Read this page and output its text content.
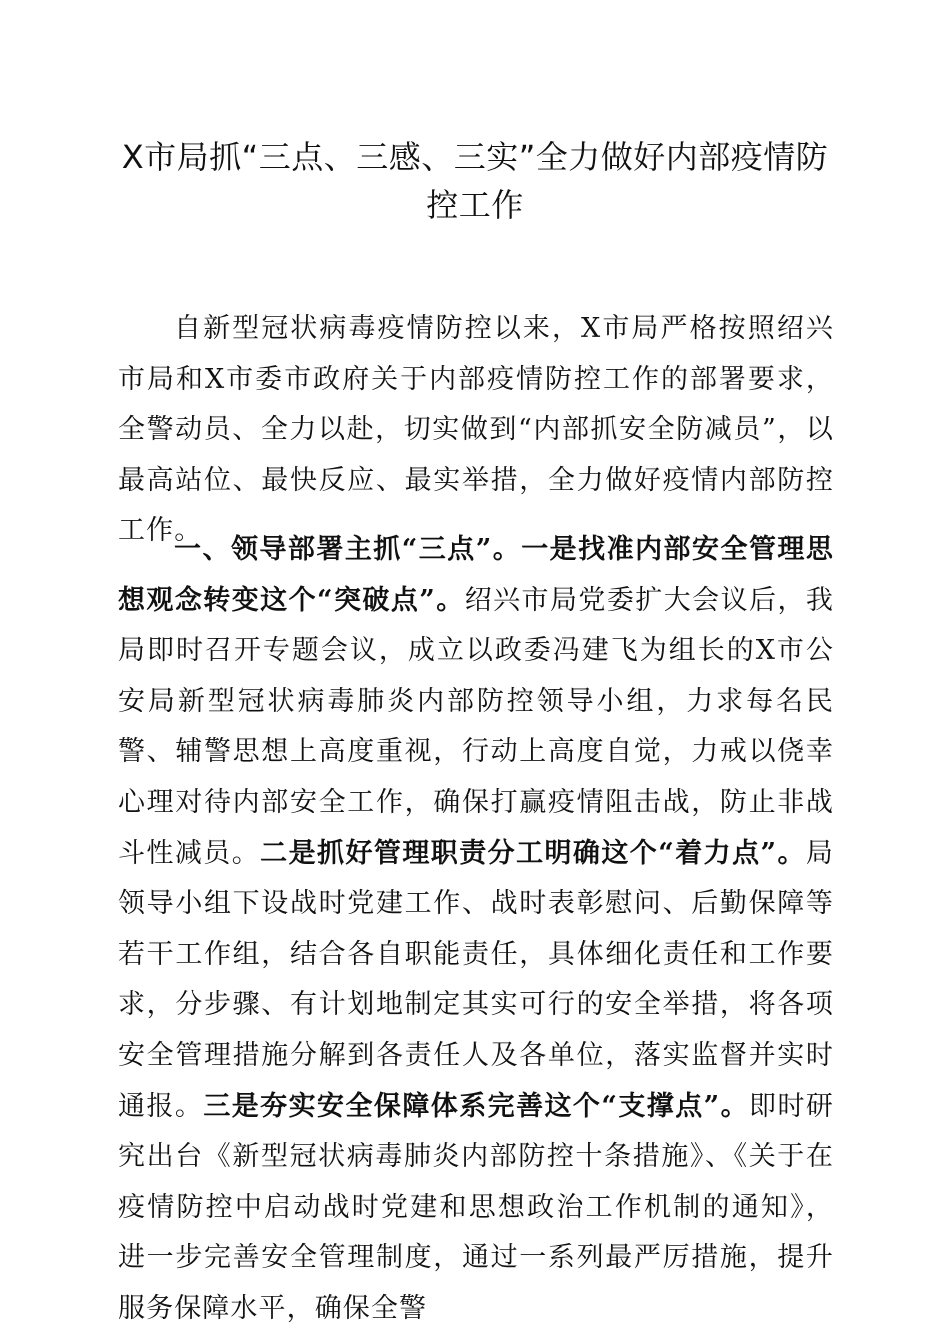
X市局抓“三点、三感、三实”全力做好内部疫情防控工作

自新型冠状病毒疫情防控以来，X市局严格按照绍兴市局和X市委市政府关于内部疫情防控工作的部署要求，全警动员、全力以赴，切实做到“内部抓安全防减员”，以最高站位、最快反应、最实举措，全力做好疫情内部防控工作。

一、领导部署主抓“三点”。一是找准内部安全管理思想观念转变这个“突破点”。绍兴市局党委扩大会议后，我局即时召开专题会议，成立以政委冯建飞为组长的X市公安局新型冠状病毒肺炎内部防控领导小组，力求每名民警、辅警思想上高度重视，行动上高度自觉，力戒以侥幸心理对待内部安全工作，确保打赢疫情阻击战，防止非战斗性减员。二是抓好管理职责分工明确这个“着力点”。局领导小组下设战时党建工作、战时表彰慰问、后勤保障等若干工作组，结合各自职能责任，具体细化责任和工作要求，分步骤、有计划地制定其实可行的安全举措，将各项安全管理措施分解到各责任人及各单位，落实监督并实时通报。三是夯实安全保障体系完善这个“支撑点”。即时研究出台《新型冠状病毒肺炎内部防控十条措施》、《关于在疫情防控中启动战时党建和思想政治工作机制的通知》，进一步完善安全管理制度，通过一系列最严厉措施，提升服务保障水平，确保全警
